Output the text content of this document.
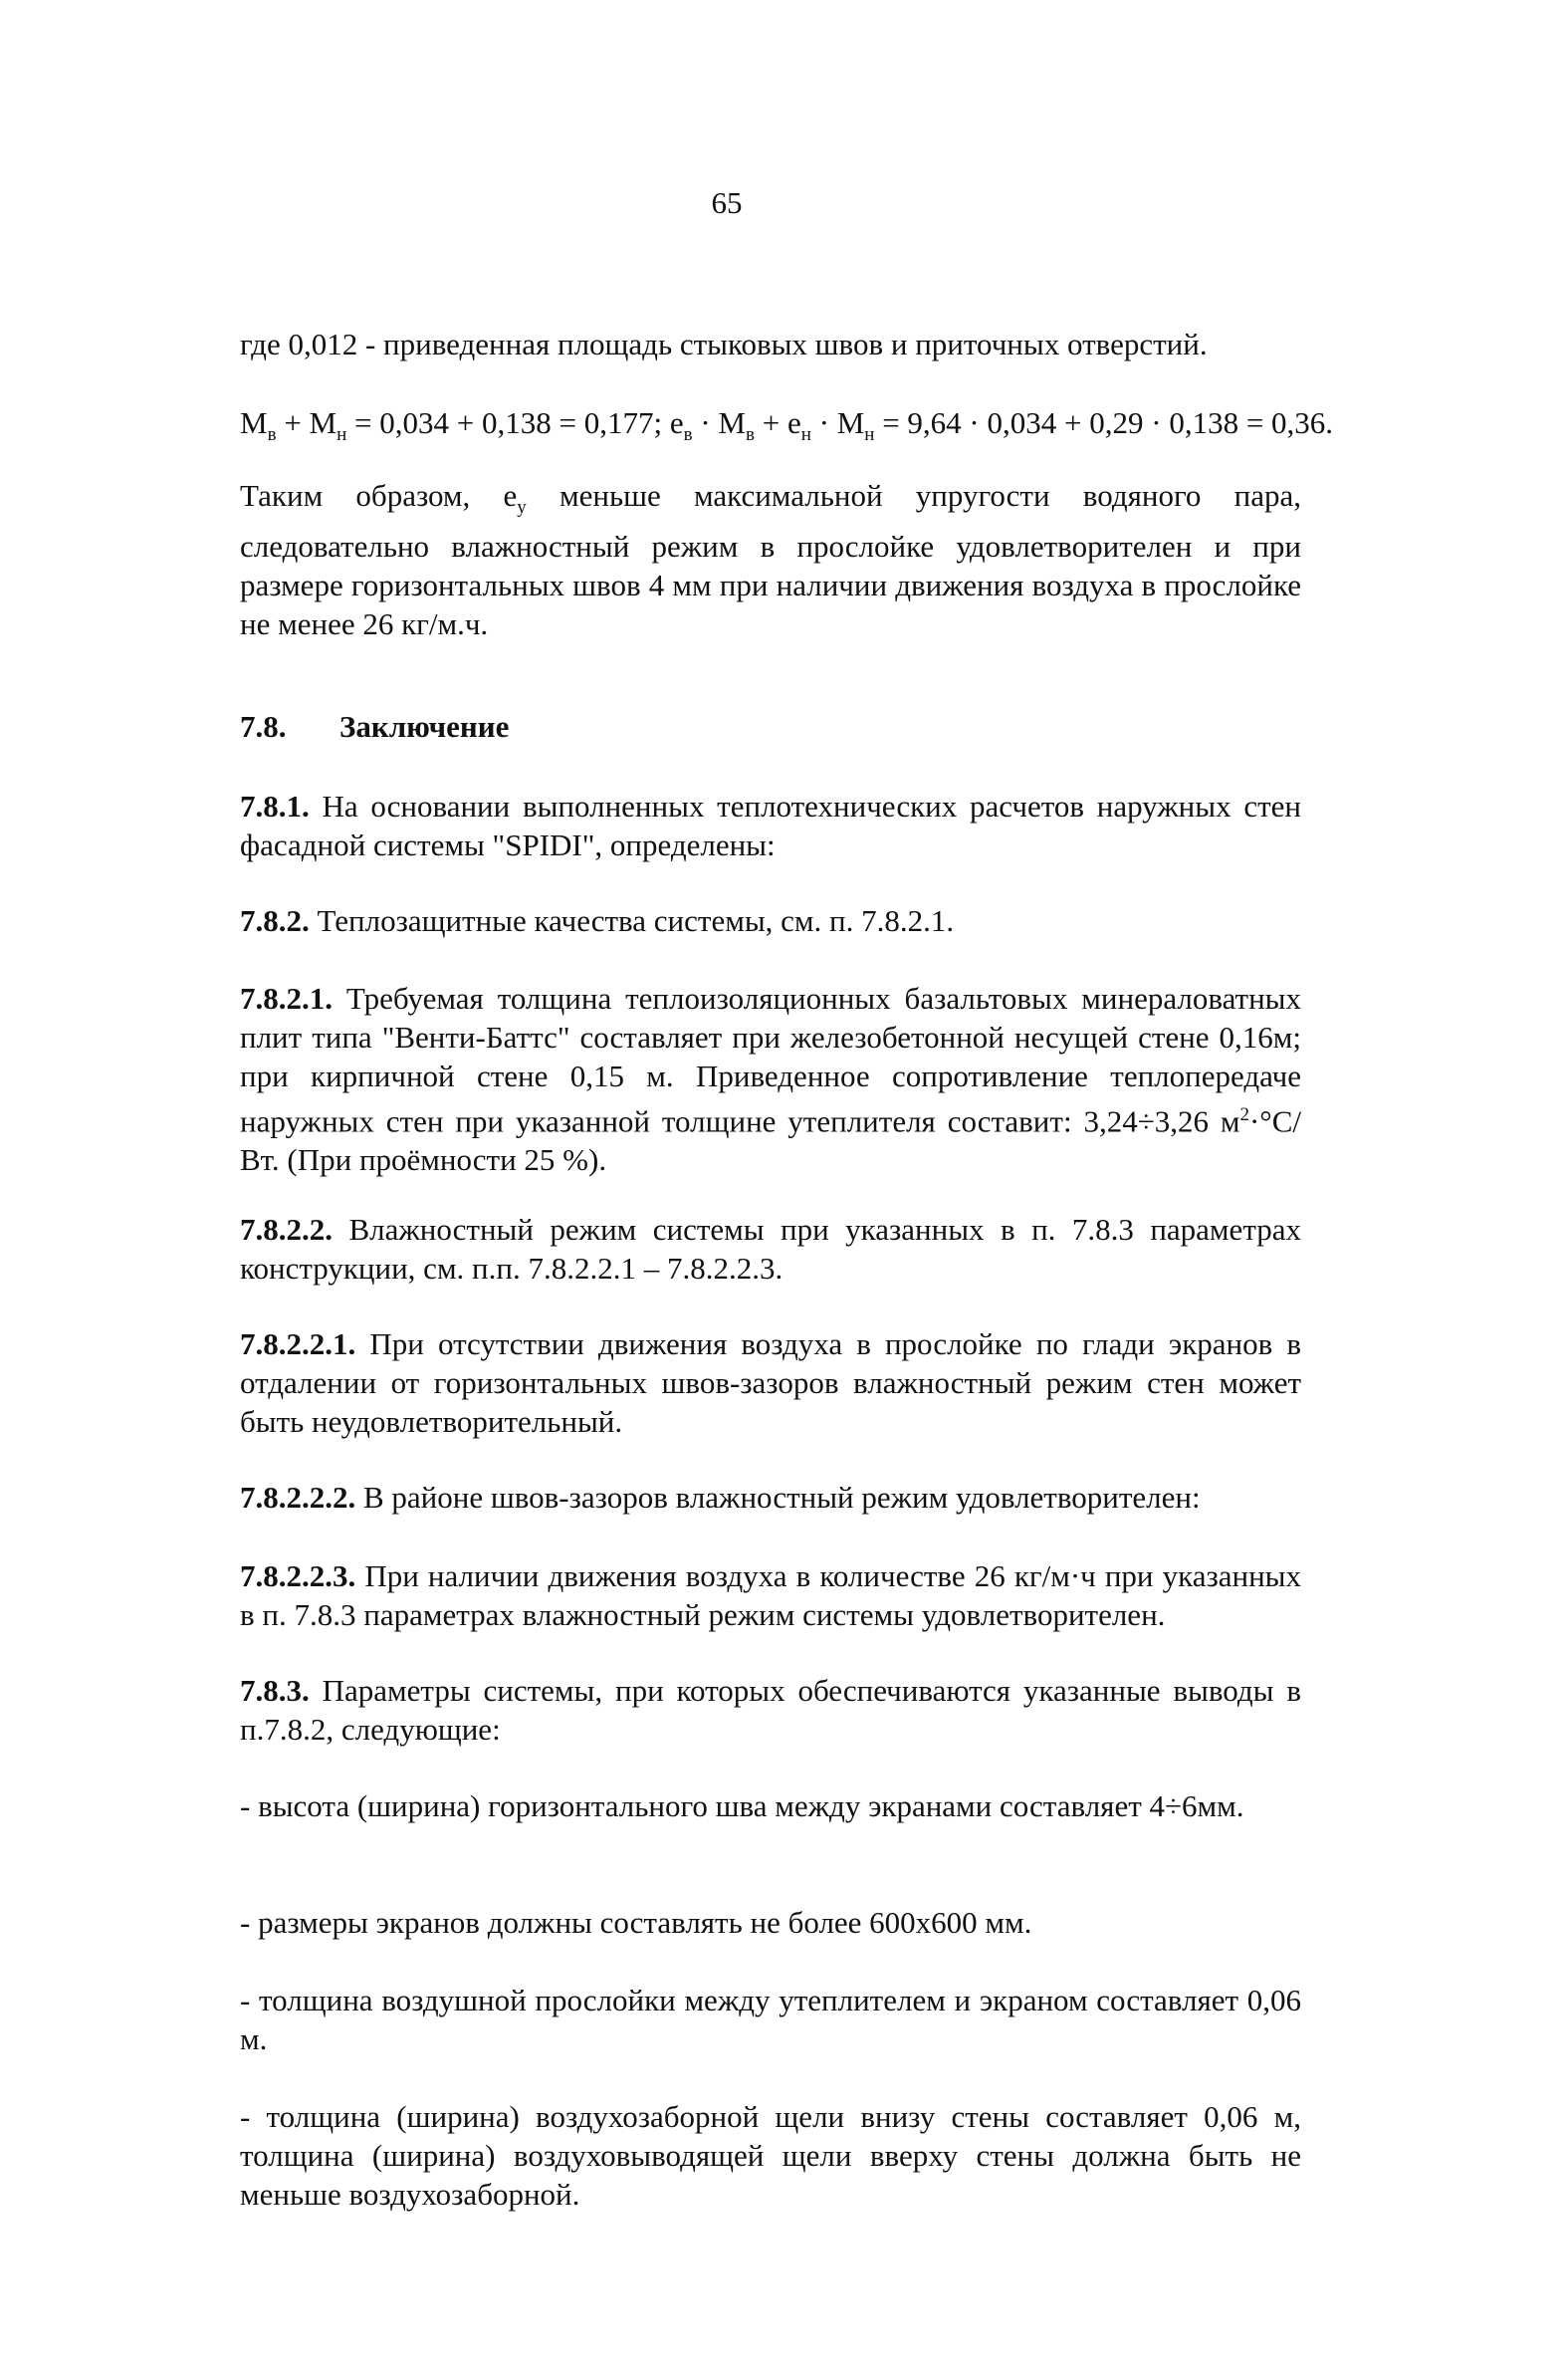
65
где 0,012 - приведенная площадь стыковых швов и приточных отверстий.
$M_в + M_н = 0,034 + 0,138 = 0,177$; $e_в \cdot M_в + e_н \cdot M_н = 9,64 \cdot 0,034 + 0,29 \cdot 0,138 = 0,36$.
Таким образом, $e_y$ меньше максимальной упругости водяного пара, следовательно влажностный режим в прослойке удовлетворителен и при размере горизонтальных швов 4 мм при наличии движения воздуха в прослойке не менее 26 кг/м.ч.
7.8. Заключение
7.8.1. На основании выполненных теплотехнических расчетов наружных стен фасадной системы "SPIDI", определены:
7.8.2. Теплозащитные качества системы, см. п. 7.8.2.1.
7.8.2.1. Требуемая толщина теплоизоляционных базальтовых минераловатных плит типа "Венти-Баттс" составляет при железобетонной несущей стене 0,16м; при кирпичной стене 0,15 м. Приведенное сопротивление теплопередаче наружных стен при указанной толщине утеплителя составит: 3,24÷3,26 $м^2\cdot^\circ С/Вт$. (При проёмности 25 %).
7.8.2.2. Влажностный режим системы при указанных в п. 7.8.3 параметрах конструкции, см. п.п. 7.8.2.2.1 – 7.8.2.2.3.
7.8.2.2.1. При отсутствии движения воздуха в прослойке по глади экранов в отдалении от горизонтальных швов-зазоров влажностный режим стен может быть неудовлетворительный.
7.8.2.2.2. В районе швов-зазоров влажностный режим удовлетворителен:
7.8.2.2.3. При наличии движения воздуха в количестве 26 кг/м·ч при указанных в п. 7.8.3 параметрах влажностный режим системы удовлетворителен.
7.8.3. Параметры системы, при которых обеспечиваются указанные выводы в п.7.8.2, следующие:
- высота (ширина) горизонтального шва между экранами составляет 4÷6мм.
- размеры экранов должны составлять не более 600х600 мм.
- толщина воздушной прослойки между утеплителем и экраном составляет 0,06 м.
- толщина (ширина) воздухозаборной щели внизу стены составляет 0,06 м, толщина (ширина) воздуховыводящей щели вверху стены должна быть не меньше воздухозаборной.
